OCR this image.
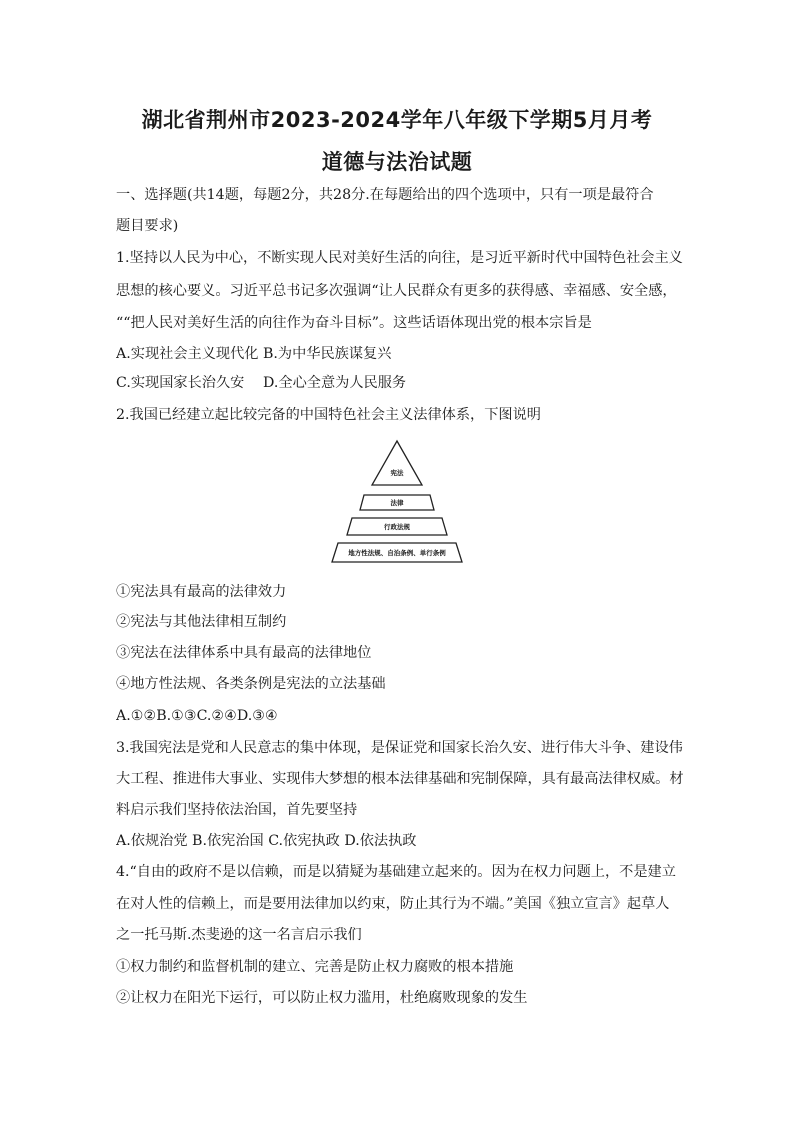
湖北省荆州市2023-2024学年八年级下学期5月月考
道德与法治试题
一、选择题(共14题，每题2分，共28分.在每题给出的四个选项中，只有一项是最符合
题目要求)
1.坚持以人民为中心，不断实现人民对美好生活的向往，是习近平新时代中国特色社会主义
思想的核心要义。习近平总书记多次强调“让人民群众有更多的获得感、幸福感、安全感，
““把人民对美好生活的向往作为奋斗目标”。这些话语体现出党的根本宗旨是
A.实现社会主义现代化 B.为中华民族谋复兴
C.实现国家长治久安　 D.全心全意为人民服务
2.我国已经建立起比较完备的中国特色社会主义法律体系，下图说明
宪法
法律
行政法规
地方性法规、自治条例、单行条例
①宪法具有最高的法律效力
②宪法与其他法律相互制约
③宪法在法律体系中具有最高的法律地位
④地方性法规、各类条例是宪法的立法基础
A.①②B.①③C.②④D.③④
3.我国宪法是党和人民意志的集中体现，是保证党和国家长治久安、进行伟大斗争、建设伟
大工程、推进伟大事业、实现伟大梦想的根本法律基础和宪制保障，具有最高法律权威。材
料启示我们坚持依法治国，首先要坚持
A.依规治党 B.依宪治国 C.依宪执政 D.依法执政
4.“自由的政府不是以信赖，而是以猜疑为基础建立起来的。因为在权力问题上，不是建立
在对人性的信赖上，而是要用法律加以约束，防止其行为不端。”美国《独立宣言》起草人
之一托马斯.杰斐逊的这一名言启示我们
①权力制约和监督机制的建立、完善是防止权力腐败的根本措施
②让权力在阳光下运行，可以防止权力滥用，杜绝腐败现象的发生
